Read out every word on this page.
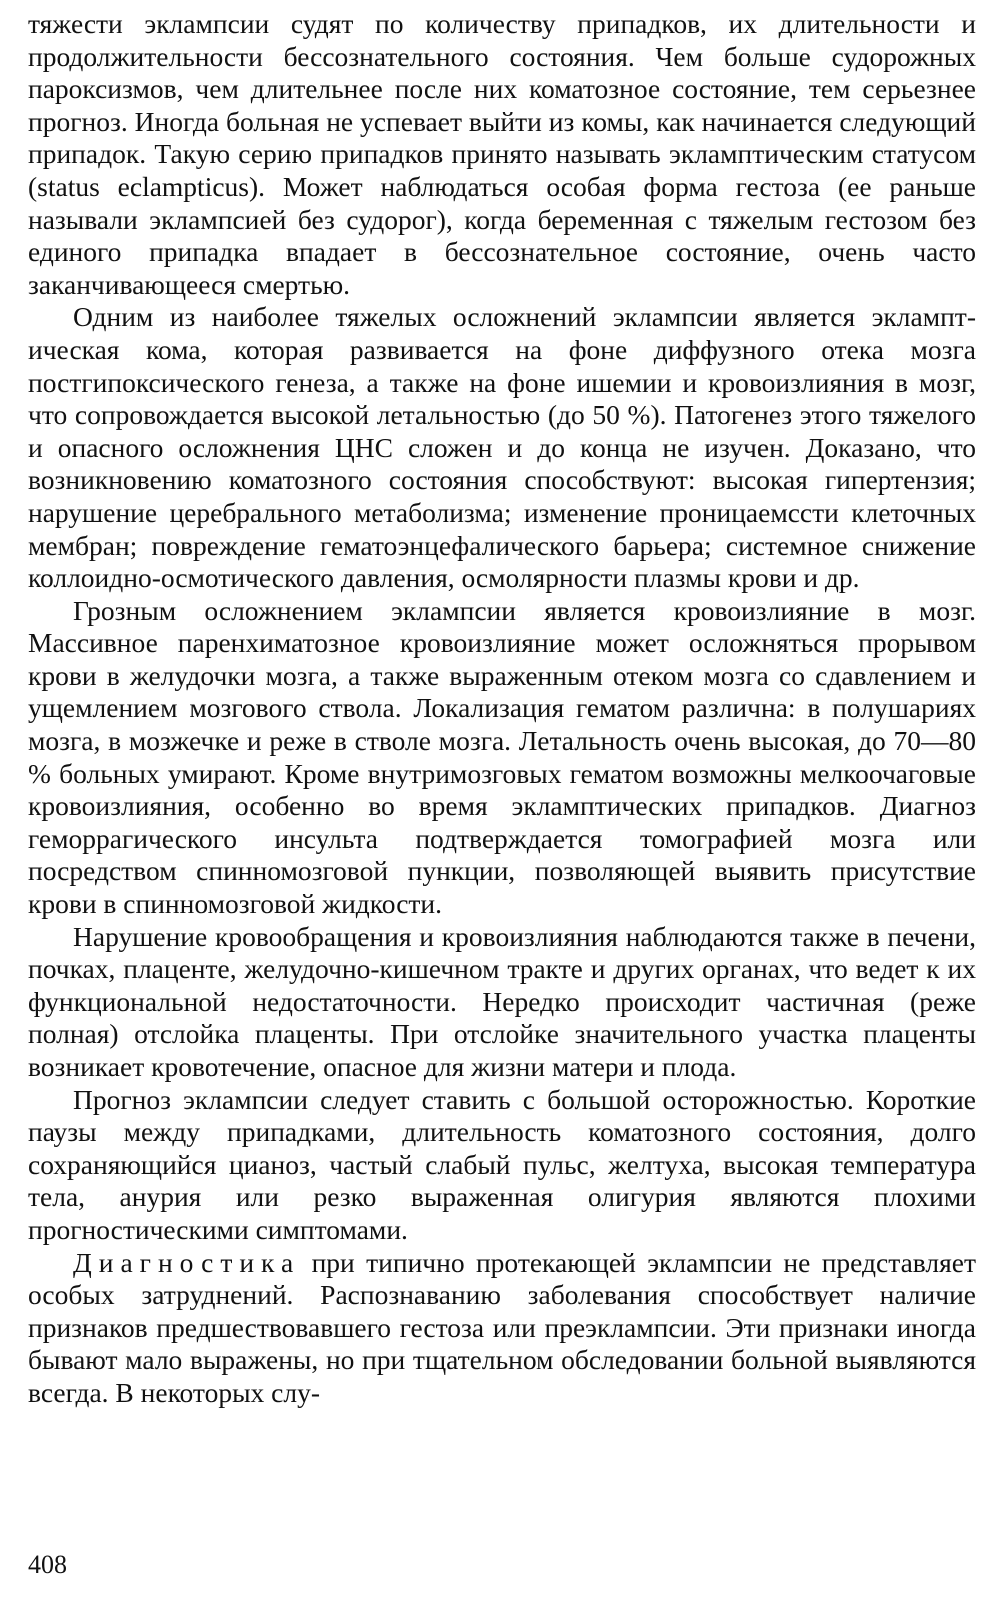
тяжести эклампсии судят по количеству припадков, их длительности и продолжительности бессознательного состояния. Чем больше судорожных пароксизмов, чем длительнее после них коматозное состояние, тем серьезнее прогноз. Иногда больная не успевает выйти из комы, как начинается следующий припадок. Такую серию припадков принято называть экламптическим статусом (status eclampticus). Может наблюдаться особая форма гестоза (ее раньше называли эклампсией без судорог), когда беременная с тяжелым гестозом без единого припадка впадает в бессознательное состояние, очень часто заканчивающееся смертью.

Одним из наиболее тяжелых осложнений эклампсии является экламптическая кома, которая развивается на фоне диффузного отека мозга постгипоксического генеза, а также на фоне ишемии и кровоизлияния в мозг, что сопровождается высокой летальностью (до 50 %). Патогенез этого тяжелого и опасного осложнения ЦНС сложен и до конца не изучен. Доказано, что возникновению коматозного состояния способствуют: высокая гипертензия; нарушение церебрального метаболизма; изменение проницаемсcти клеточных мембран; повреждение гематоэнцефалического барьера; системное снижение коллоидно-осмотического давления, осмолярности плазмы крови и др.

Грозным осложнением эклампсии является кровоизлияние в мозг. Массивное паренхиматозное кровоизлияние может осложняться прорывом крови в желудочки мозга, а также выраженным отеком мозга со сдавлением и ущемлением мозгового ствола. Локализация гематом различна: в полушариях мозга, в мозжечке и реже в стволе мозга. Летальность очень высокая, до 70—80 % больных умирают. Кроме внутримозговых гематом возможны мелкоочаговые кровоизлияния, особенно во время экламптических припадков. Диагноз геморрагического инсульта подтверждается томографией мозга или посредством спинномозговой пункции, позволяющей выявить присутствие крови в спинномозговой жидкости.

Нарушение кровообращения и кровоизлияния наблюдаются также в печени, почках, плаценте, желудочно-кишечном тракте и других органах, что ведет к их функциональной недостаточности. Нередко происходит частичная (реже полная) отслойка плаценты. При отслойке значительного участка плаценты возникает кровотечение, опасное для жизни матери и плода.

Прогноз эклампсии следует ставить с большой осторожностью. Короткие паузы между припадками, длительность коматозного состояния, долго сохраняющийся цианоз, частый слабый пульс, желтуха, высокая температура тела, анурия или резко выраженная олигурия являются плохими прогностическими симптомами.

Диагностика при типично протекающей эклампсии не представляет особых затруднений. Распознаванию заболевания способствует наличие признаков предшествовавшего гестоза или преэклампсии. Эти признаки иногда бывают мало выражены, но при тщательном обследовании больной выявляются всегда. В некоторых слу-

408
